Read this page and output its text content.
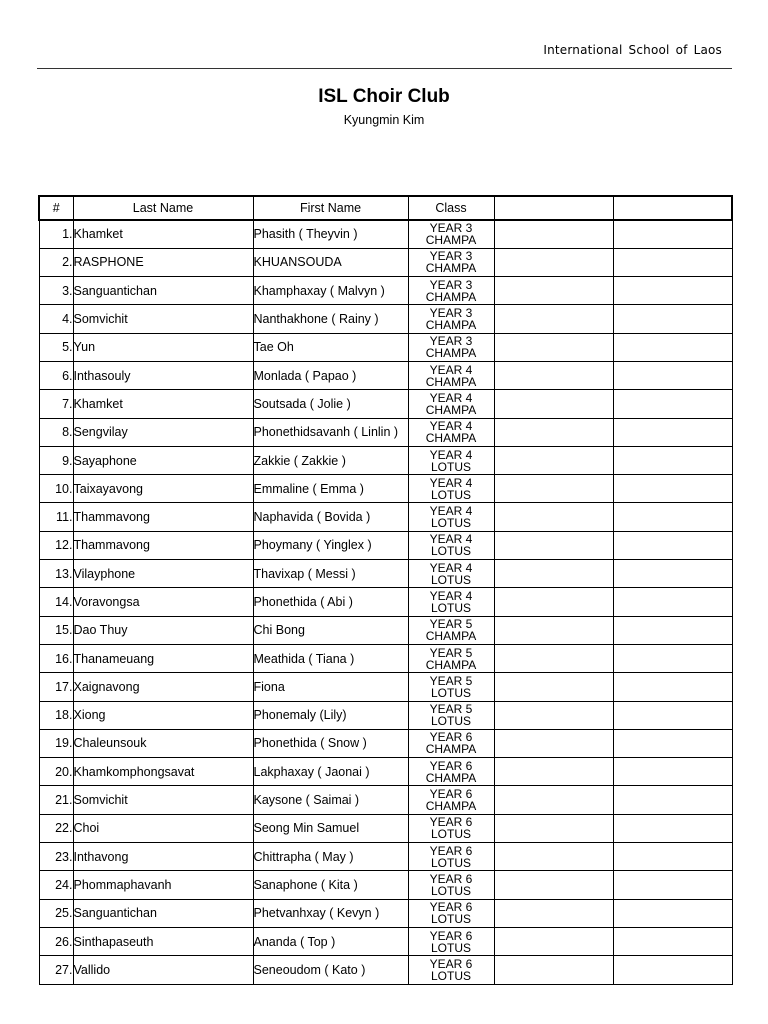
International School of Laos
ISL Choir Club
Kyungmin Kim
#	Last Name	First Name	Class		
1.	Khamket	Phasith ( Theyvin )	YEAR 3
CHAMPA		

2.	RASPHONE	KHUANSOUDA	YEAR 3
CHAMPA		

3.	Sanguantichan	Khamphaxay ( Malvyn )	YEAR 3
CHAMPA		

4.	Somvichit	Nanthakhone ( Rainy )	YEAR 3
CHAMPA		

5.	Yun	Tae Oh	YEAR 3
CHAMPA		

6.	Inthasouly	Monlada ( Papao )	YEAR 4
CHAMPA		

7.	Khamket	Soutsada ( Jolie )	YEAR 4
CHAMPA		

8.	Sengvilay	Phonethidsavanh ( Linlin )	YEAR 4
CHAMPA		

9.	Sayaphone	Zakkie ( Zakkie )	YEAR 4
LOTUS		

10.	Taixayavong	Emmaline ( Emma )	YEAR 4
LOTUS		

11.	Thammavong	Naphavida ( Bovida )	YEAR 4
LOTUS		

12.	Thammavong	Phoymany ( Yinglex )	YEAR 4
LOTUS		

13.	Vilayphone	Thavixap ( Messi )	YEAR 4
LOTUS		

14.	Voravongsa	Phonethida ( Abi )	YEAR 4
LOTUS		

15.	Dao Thuy	Chi Bong	YEAR 5
CHAMPA		

16.	Thanameuang	Meathida ( Tiana )	YEAR 5
CHAMPA		

17.	Xaignavong	Fiona	YEAR 5
LOTUS		

18.	Xiong	Phonemaly (Lily)	YEAR 5
LOTUS		

19.	Chaleunsouk	Phonethida ( Snow )	YEAR 6
CHAMPA		

20.	Khamkomphongsavat	Lakphaxay ( Jaonai )	YEAR 6
CHAMPA		

21.	Somvichit	Kaysone ( Saimai )	YEAR 6
CHAMPA		

22.	Choi	Seong Min Samuel	YEAR 6
LOTUS		

23.	Inthavong	Chittrapha ( May )	YEAR 6
LOTUS		

24.	Phommaphavanh	Sanaphone ( Kita )	YEAR 6
LOTUS		

25.	Sanguantichan	Phetvanhxay ( Kevyn )	YEAR 6
LOTUS		

26.	Sinthapaseuth	Ananda ( Top )	YEAR 6
LOTUS		

27.	Vallido	Seneoudom ( Kato )	YEAR 6
LOTUS		
